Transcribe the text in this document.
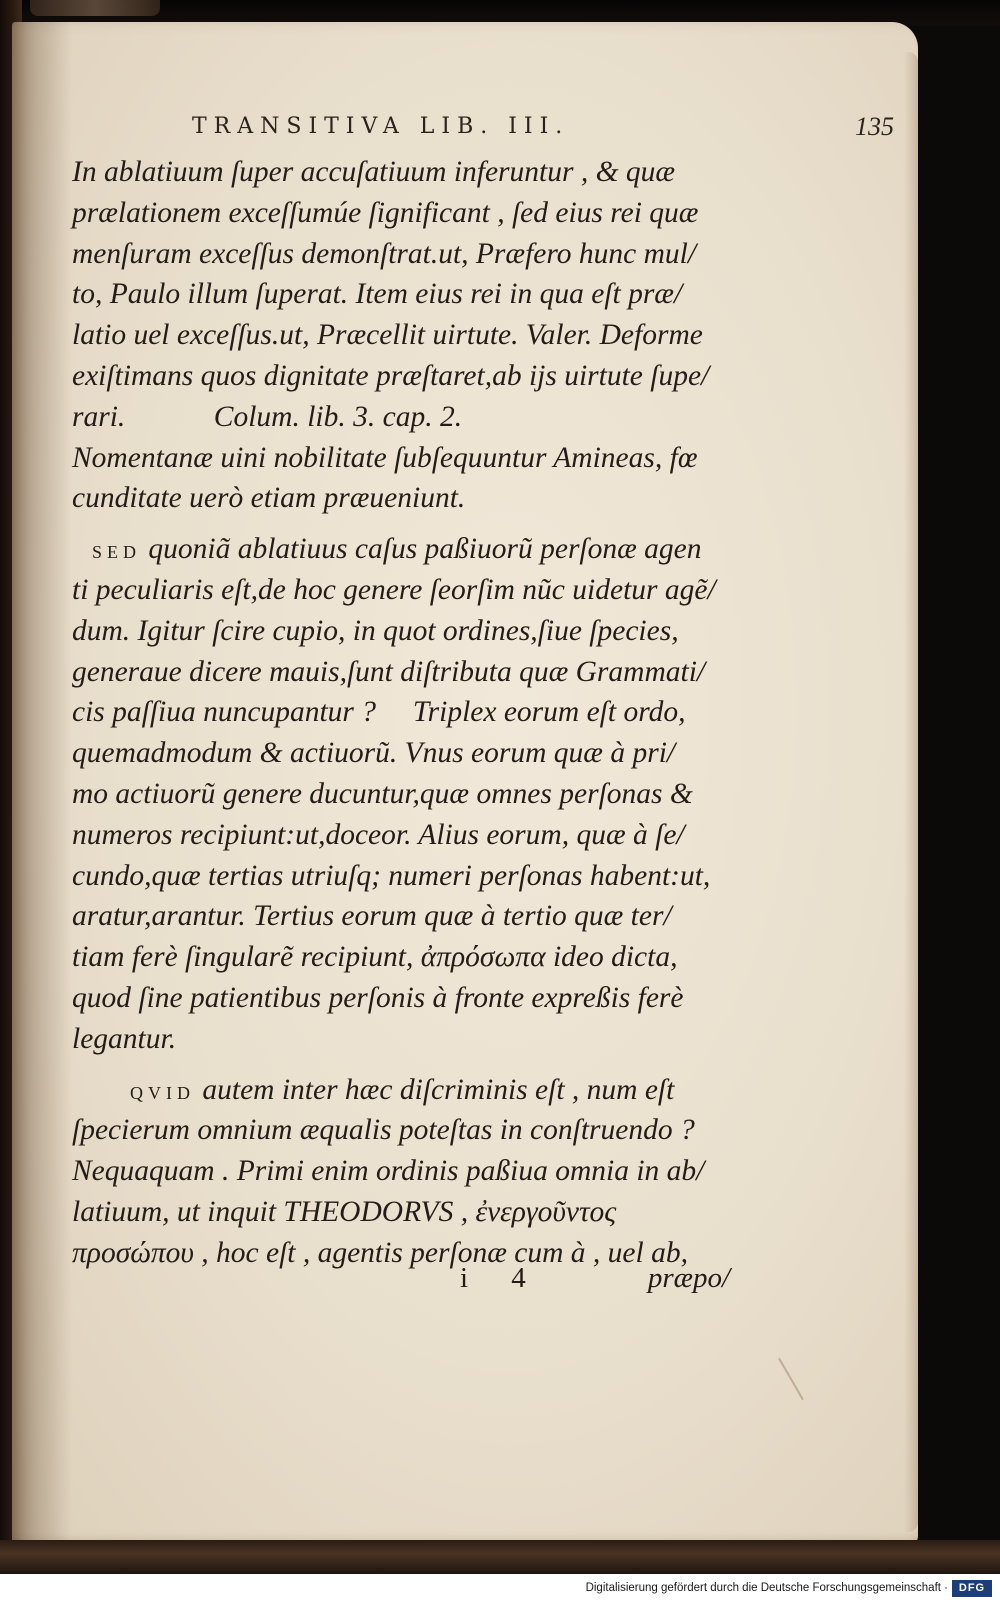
TRANSITIVA LIB. III.	135
In ablatiuum ſuper accuſatiuum inferuntur , & quæ
prælationem exceſſumúe ſignificant , ſed eius rei quæ
menſuram exceſſus demonſtrat.ut, Præfero hunc mul/
to, Paulo illum ſuperat. Item eius rei in qua eſt præ/
latio uel exceſſus.ut, Præcellit uirtute. Valer. Deforme
exiſtimans quos dignitate præſtaret,ab ijs uirtute ſupe/
rari.            Colum. lib. 3. cap. 2.
Nomentanæ uini nobilitate ſubſequuntur Amineas, fœ
cunditate uerò etiam præueniunt.
SED quoniã ablatiuus caſus paßiuorũ perſonæ agen
ti peculiaris eſt,de hoc genere ſeorſim nũc uidetur agẽ/
dum. Igitur ſcire cupio, in quot ordines,ſiue ſpecies,
generaue dicere mauis,ſunt diſtributa quæ Grammati/
cis paſſiua nuncupantur ?     Triplex eorum eſt ordo,
quemadmodum & actiuorũ. Vnus eorum quæ à pri/
mo actiuorũ genere ducuntur,quæ omnes perſonas &
numeros recipiunt:ut,doceor. Alius eorum, quæ à ſe/
cundo,quæ tertias utriuſq; numeri perſonas habent:ut,
aratur,arantur. Tertius eorum quæ à tertio quæ ter/
tiam ferè ſingularẽ recipiunt, ἀπρόσωπα ideo dicta,
quod ſine patientibus perſonis à fronte expreßis ferè
legantur.
QVID autem inter hæc diſcriminis eſt , num eſt
ſpecierum omnium æqualis poteſtas in conſtruendo ?
Nequaquam . Primi enim ordinis paßiua omnia in ab/
latiuum, ut inquit THEODORVS , ἐνεργοῦντος
προσώπου , hoc eſt , agentis perſonæ cum à , uel ab,
i 4	præpo/
Digitalisierung gefördert durch die Deutsche Forschungsgemeinschaft · DFG
